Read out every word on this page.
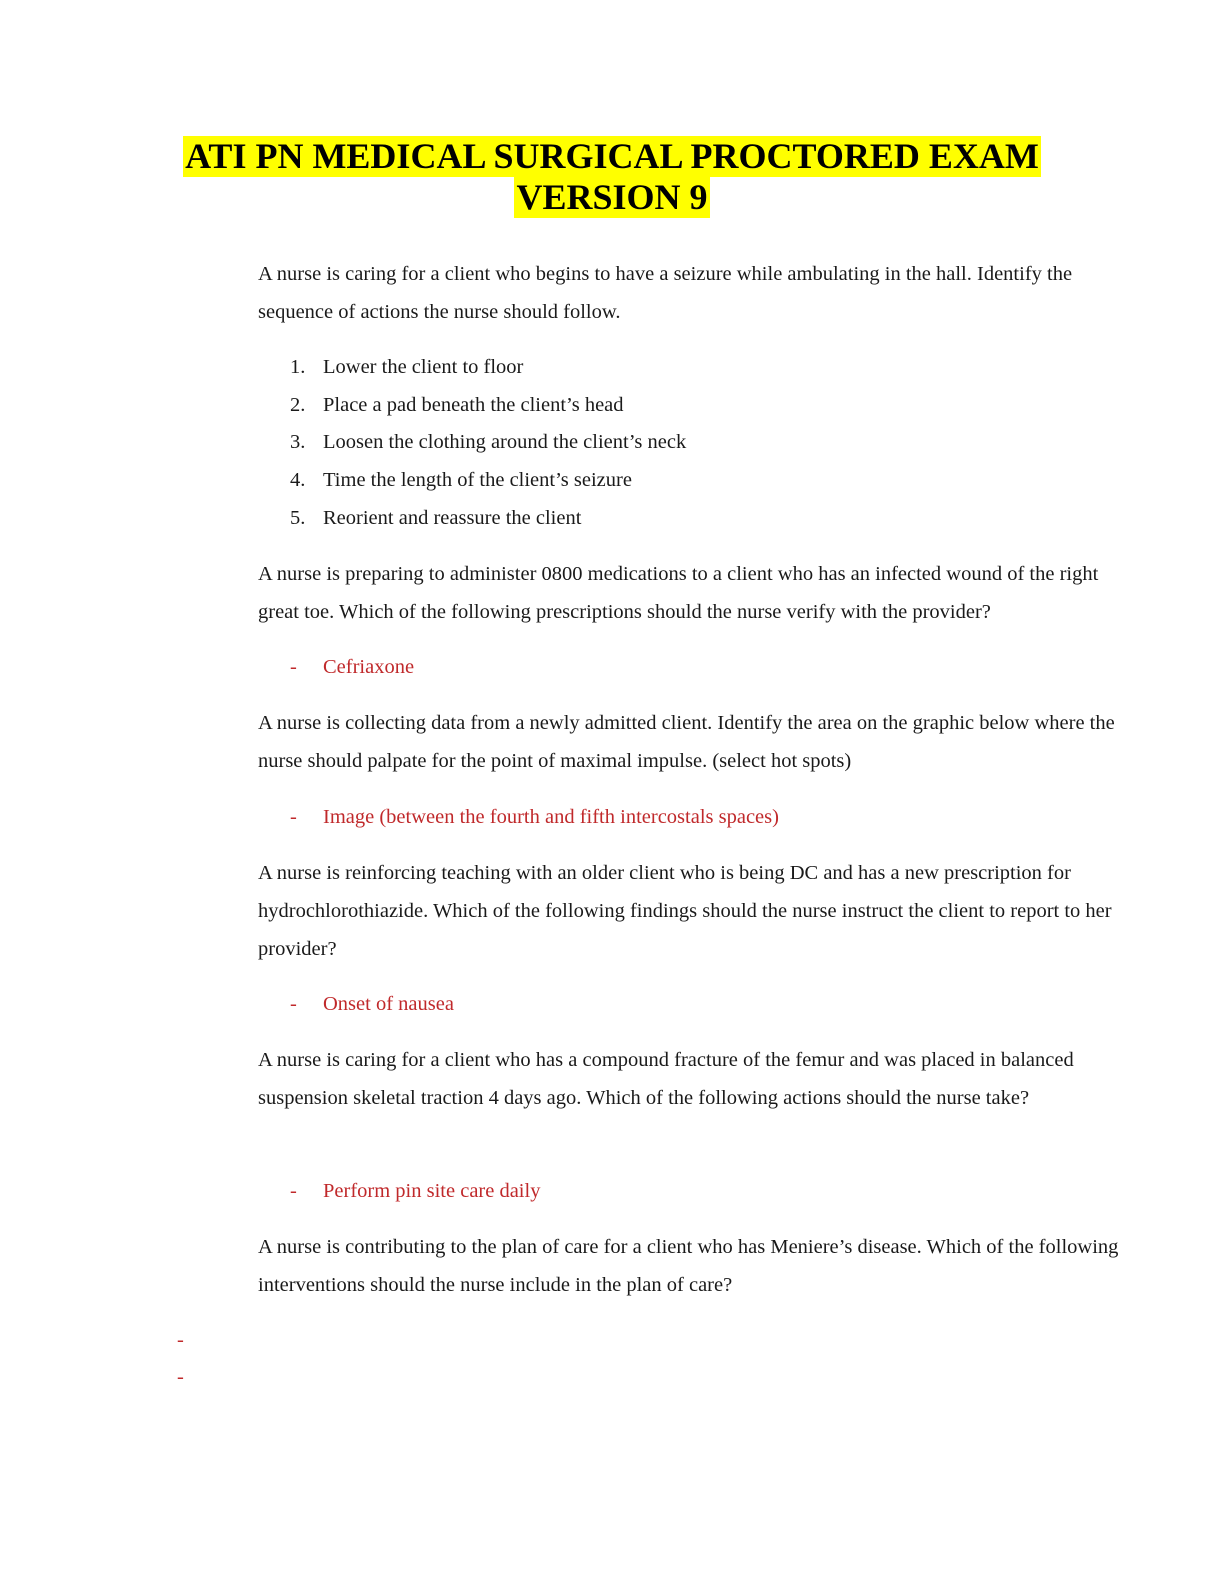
ATI PN MEDICAL SURGICAL PROCTORED EXAM
VERSION 9

A nurse is caring for a client who begins to have a seizure while ambulating in the hall. Identify the sequence of actions the nurse should follow.

1. Lower the client to floor
2. Place a pad beneath the client’s head
3. Loosen the clothing around the client’s neck
4. Time the length of the client’s seizure
5. Reorient and reassure the client

A nurse is preparing to administer 0800 medications to a client who has an infected wound of the right great toe. Which of the following prescriptions should the nurse verify with the provider?

- Cefriaxone

A nurse is collecting data from a newly admitted client. Identify the area on the graphic below where the nurse should palpate for the point of maximal impulse. (select hot spots)

- Image (between the fourth and fifth intercostals spaces)

A nurse is reinforcing teaching with an older client who is being DC and has a new prescription for hydrochlorothiazide. Which of the following findings should the nurse instruct the client to report to her provider?

- Onset of nausea

A nurse is caring for a client who has a compound fracture of the femur and was placed in balanced suspension skeletal traction 4 days ago. Which of the following actions should the nurse take?

- Perform pin site care daily

A nurse is contributing to the plan of care for a client who has Meniere’s disease. Which of the following interventions should the nurse include in the plan of care?

-
-
